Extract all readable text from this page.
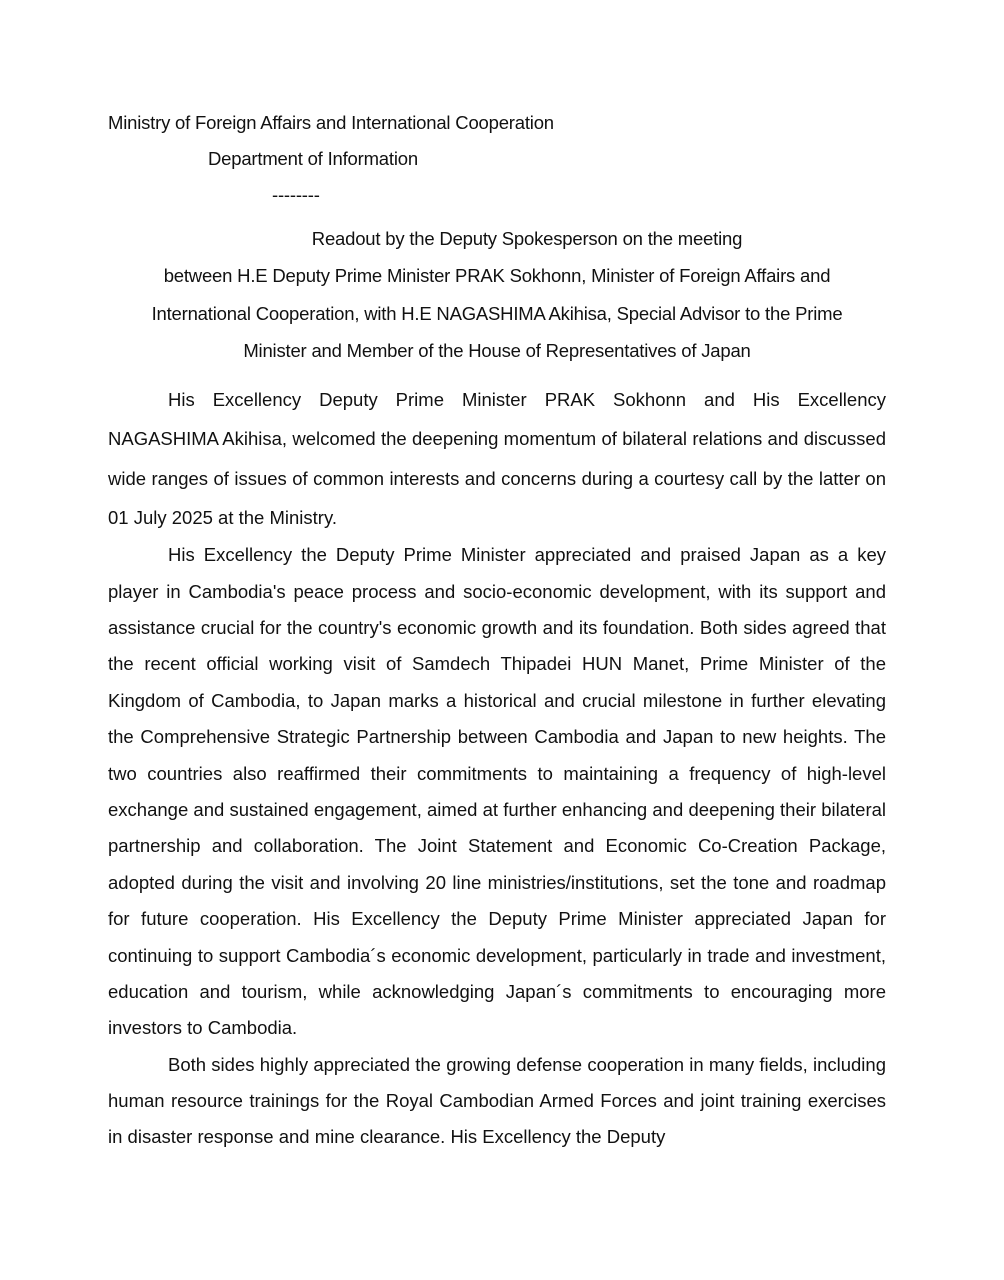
Ministry of Foreign Affairs and International Cooperation
Department of Information
--------
Readout by the Deputy Spokesperson on the meeting
between H.E Deputy Prime Minister PRAK Sokhonn, Minister of Foreign Affairs and
International Cooperation, with H.E NAGASHIMA Akihisa, Special Advisor to the Prime
Minister and Member of the House of Representatives of Japan

His Excellency Deputy Prime Minister PRAK Sokhonn and His Excellency NAGASHIMA Akihisa, welcomed the deepening momentum of bilateral relations and discussed wide ranges of issues of common interests and concerns during a courtesy call by the latter on 01 July 2025 at the Ministry.

His Excellency the Deputy Prime Minister appreciated and praised Japan as a key player in Cambodia's peace process and socio-economic development, with its support and assistance crucial for the country's economic growth and its foundation. Both sides agreed that the recent official working visit of Samdech Thipadei HUN Manet, Prime Minister of the Kingdom of Cambodia, to Japan marks a historical and crucial milestone in further elevating the Comprehensive Strategic Partnership between Cambodia and Japan to new heights. The two countries also reaffirmed their commitments to maintaining a frequency of high-level exchange and sustained engagement, aimed at further enhancing and deepening their bilateral partnership and collaboration. The Joint Statement and Economic Co-Creation Package, adopted during the visit and involving 20 line ministries/institutions, set the tone and roadmap for future cooperation. His Excellency the Deputy Prime Minister appreciated Japan for continuing to support Cambodia´s economic development, particularly in trade and investment, education and tourism, while acknowledging Japan´s commitments to encouraging more investors to Cambodia.

Both sides highly appreciated the growing defense cooperation in many fields, including human resource trainings for the Royal Cambodian Armed Forces and joint training exercises in disaster response and mine clearance. His Excellency the Deputy
